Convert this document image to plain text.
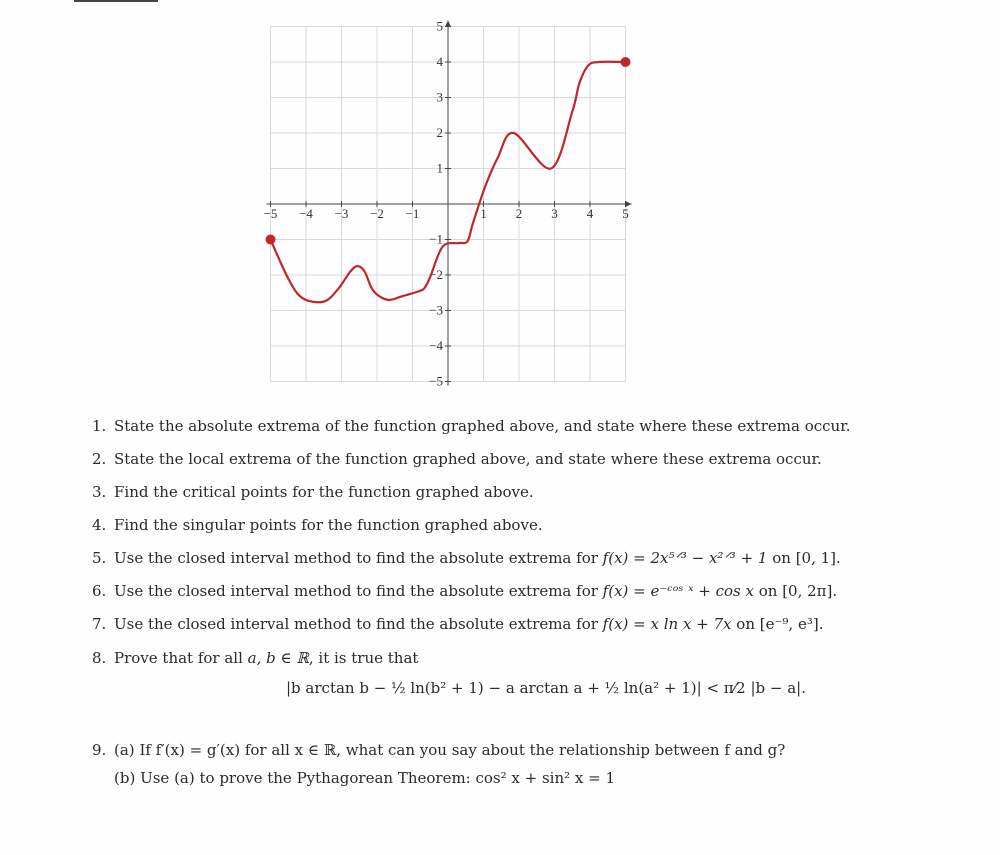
−5 −4 −3 −2 −1	1 2 3 4 5
5
4
3
2
1
−1
−2
−3
−4
−5
1. State the absolute extrema of the function graphed above, and state where these extrema occur.
2. State the local extrema of the function graphed above, and state where these extrema occur.
3. Find the critical points for the function graphed above.
4. Find the singular points for the function graphed above.
5. Use the closed interval method to find the absolute extrema for f(x) = 2x⁵ᐟ³ − x²ᐟ³ + 1 on [0, 1].
6. Use the closed interval method to find the absolute extrema for f(x) = e⁻ᶜᵒˢ ˣ + cos x on [0, 2π].
7. Use the closed interval method to find the absolute extrema for f(x) = x ln x + 7x on [e⁻⁹, e³].
8. Prove that for all a, b ∈ ℝ, it is true that
|b arctan b − ½ ln(b² + 1) − a arctan a + ½ ln(a² + 1)| < π⁄2 |b − a|.
9. (a) If f′(x) = g′(x) for all x ∈ ℝ, what can you say about the relationship between f and g?
(b) Use (a) to prove the Pythagorean Theorem: cos² x + sin² x = 1
